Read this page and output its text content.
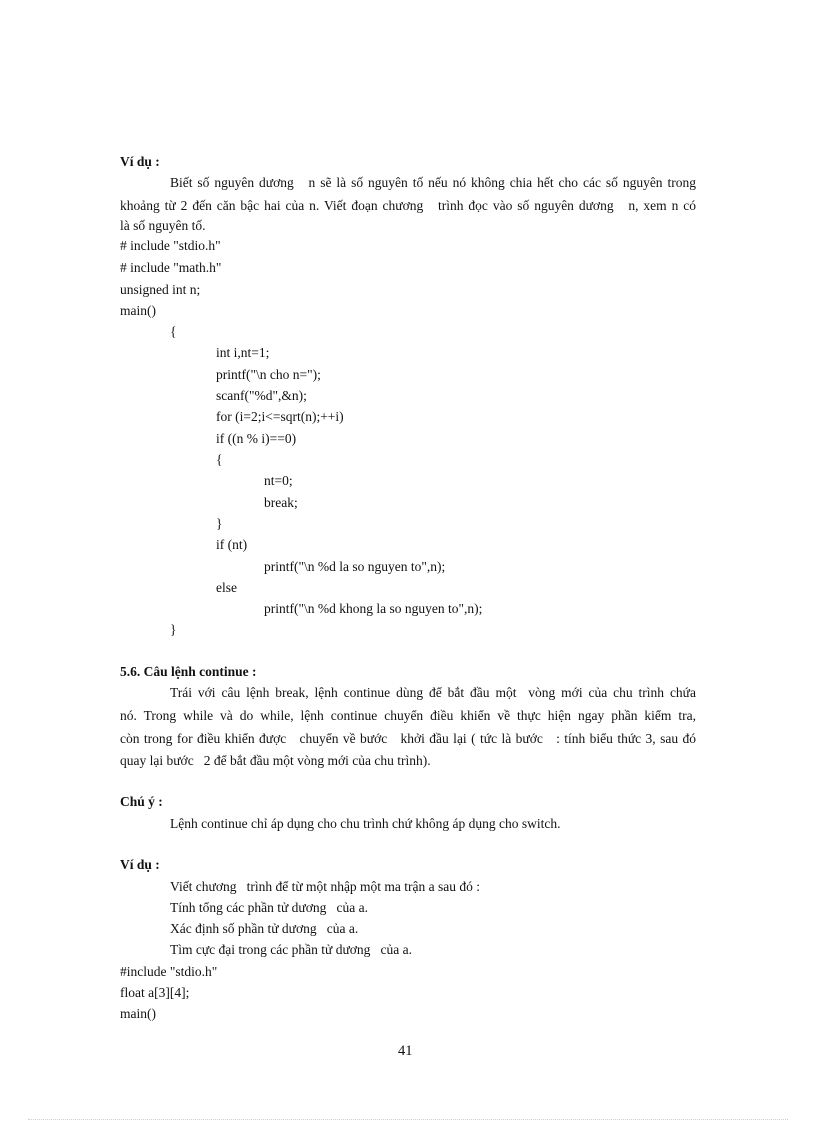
Ví dụ :
Biết số nguyên dương   n sẽ là số nguyên tố nếu nó không chia hết cho các số nguyên trong
khoảng từ 2 đến căn bậc hai của n. Viết đoạn chương   trình đọc vào số nguyên dương   n, xem n có
là số nguyên tố.
# include "stdio.h"
# include "math.h"
unsigned int n;
main()
{
int i,nt=1;
printf("\n cho n=");
scanf("%d",&n);
for (i=2;i<=sqrt(n);++i)
if ((n % i)==0)
{
nt=0;
break;
}
if (nt)
printf("\n %d la so nguyen to",n);
else
printf("\n %d khong la so nguyen to",n);
}
5.6. Câu lệnh continue :
Trái với câu lệnh break, lệnh continue dùng để bắt đầu một  vòng mới của chu trình chứa
nó. Trong while và do while, lệnh continue chuyển điều khiển về thực hiện ngay phần kiểm tra,
còn trong for điều khiển được   chuyển về bước   khởi đầu lại ( tức là bước   : tính biểu thức 3, sau đó
quay lại bước   2 để bắt đầu một vòng mới của chu trình).
Chú ý :
Lệnh continue chỉ áp dụng cho chu trình chứ không áp dụng cho switch.
Ví dụ :
Viết chương   trình để từ một nhập một ma trận a sau đó :
Tính tổng các phần tử dương   của a.
Xác định số phần tử dương   của a.
Tìm cực đại trong các phần tử dương   của a.
#include "stdio.h"
float a[3][4];
main()
41
